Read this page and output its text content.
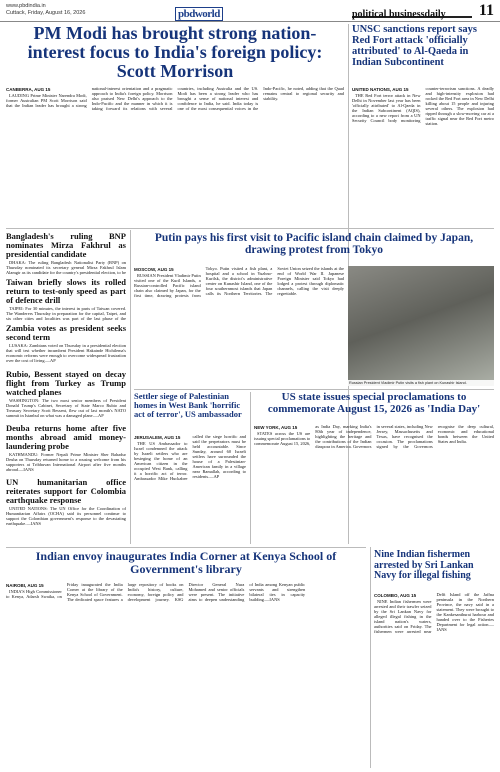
www.pbdindia.in
Cuttack, Friday, August 16, 2026	pbdworld	political businessdaily	11
PM Modi has brought strong nation-interest focus to India's foreign policy: Scott Morrison
CANBERRA, AUG 15

LAUDING Prime Minister Narendra Modi, former Australian PM Scott Morrison said that the Indian leader has brought a strong national-interest orientation and a pragmatic approach to India's foreign policy. Morrison also praised New Delhi's approach to the Indo-Pacific and the manner in which it is taking forward its relations with several countries, including Australia and the US. Modi has been a strong leader who has brought a sense of national interest and confidence to India, he said. India today is one of the most consequential voices in the Indo-Pacific, he noted, adding that the Quad remains central to regional security and stability.

UNSC sanctions report says Red Fort attack 'officially attributed' to Al-Qaeda in Indian Subcontinent
UNITED NATIONS, AUG 15

THE Red Fort terror attack in New Delhi in November last year has been 'officially attributed' to Al-Qaeda in the Indian Subcontinent (AQIS), according to a new report from a UN Security Council body monitoring counter-terrorism sanctions. A deadly and high-intensity explosion had rocked the Red Fort area in New Delhi killing about 15 people and injuring several others. The explosion had ripped through a slow-moving car at a traffic signal near the Red Fort metro station.

Bangladesh's ruling BNP nominates Mirza Fakhrul as presidential candidate

DHAKA: The ruling Bangladesh Nationalist Party (BNP) on Thursday nominated its secretary general Mirza Fakhrul Islam Alamgir as its candidate for the country's presidential election, to be

Taiwan briefly slows its rolled return to test-only speed as part of defence drill

TAIPEI: For 30 minutes, the interest in parts of Taiwan covered. The Wanderers Thursday in preparation for the capital, Taipei, and six other cities and localities was part of the last phase of the

Zambia votes as president seeks second term

LUSAKA: Zambians voted on Thursday in a presidential election that will test whether incumbent President Hakainde Hichilema's economic reforms were enough to overcome widespread frustration over the cost of living.—AP

Rubio, Bessent stayed on decay flight from Turkey as Trump watched planes

WASHINGTON: The two most senior members of President Donald Trump's Cabinet, Secretary of State Marco Rubio and Treasury Secretary Scott Bessent, flew out of last month's NATO summit in Istanbul on what was a damaged plane.—AP

Deuba returns home after five months abroad amid money-laundering probe

KATHMANDU: Former Nepali Prime Minister Sher Bahadur Deuba on Thursday returned home to a rousing welcome from his supporters at Tribhuvan International Airport after five months abroad.—IANS

UN humanitarian office reiterates support for Colombia earthquake response

UNITED NATIONS: The UN Office for the Coordination of Humanitarian Affairs (OCHA) said its personnel continue to support the Colombian government's response to the devastating earthquake.—IANS

Putin pays his first visit to Pacific island chain claimed by Japan, drawing protest from Tokyo
MOSCOW, AUG 15

RUSSIAN President Vladimir Putin visited one of the Kuril Islands, a Russian-controlled Pacific island chain also claimed by Japan, for the first time, drawing protests from Tokyo. Putin visited a fish plant, a hospital and a school in Yuzhno-Kurilsk, the district's administrative center on Kunashir Island, one of the four southernmost islands that Japan calls its Northern Territories. The Soviet Union seized the islands at the end of World War II. Japanese Foreign Minister said Tokyo had lodged a protest through diplomatic channels, calling the visit deeply regrettable.

Russian President Vladimir Putin visits a fish plant on Kunashir Island.
Settler siege of Palestinian homes in West Bank 'horrific act of terror', US ambassador
JERUSALEM, AUG 15

THE US Ambassador to Israel condemned the attack by Israeli settlers who are besieging the home of an American citizen in the occupied West Bank, calling it a horrific act of terror. Ambassador Mike Huckabee called the siege horrific and said the perpetrators must be held accountable. Since Sunday, around 60 Israeli settlers have surrounded the house of a Palestinian-American family in a village near Ramallah, according to residents.—AP

US state issues special proclamations to commemorate August 15, 2026 as 'India Day'
NEW YORK, AUG 15

STATES across the US are issuing special proclamations to commemorate August 15, 2026, as India Day, marking India's 80th year of independence, highlighting the heritage and the contributions of the Indian diaspora in America. Governors in several states, including New Jersey, Massachusetts and Texas, have recognised the occasion. The proclamations signed by the Governors recognise the deep cultural, economic and educational bonds between the United States and India.

Indian envoy inaugurates India Corner at Kenya School of Government's library
NAIROBI, AUG 15

INDIA'S High Commissioner to Kenya, Adarsh Swaika, on Friday inaugurated the India Corner at the library of the Kenya School of Government. The dedicated space features a large repository of books on India's history, culture, economy, foreign policy and development journey. KSG Director General Nura Mohamed and senior officials were present. The initiative aims to deepen understanding of India among Kenyan public servants and strengthen bilateral ties in capacity building.—IANS

Nine Indian fishermen arrested by Sri Lankan Navy for illegal fishing
COLOMBO, AUG 15

NINE Indian fishermen were arrested and their trawler seized by the Sri Lankan Navy for alleged illegal fishing in the island nation's waters, authorities said on Friday. The fishermen were arrested near Delft Island off the Jaffna peninsula in the Northern Province, the navy said in a statement. They were brought to the Kankesanthurai harbour and handed over to the Fisheries Department for legal action.—IANS
